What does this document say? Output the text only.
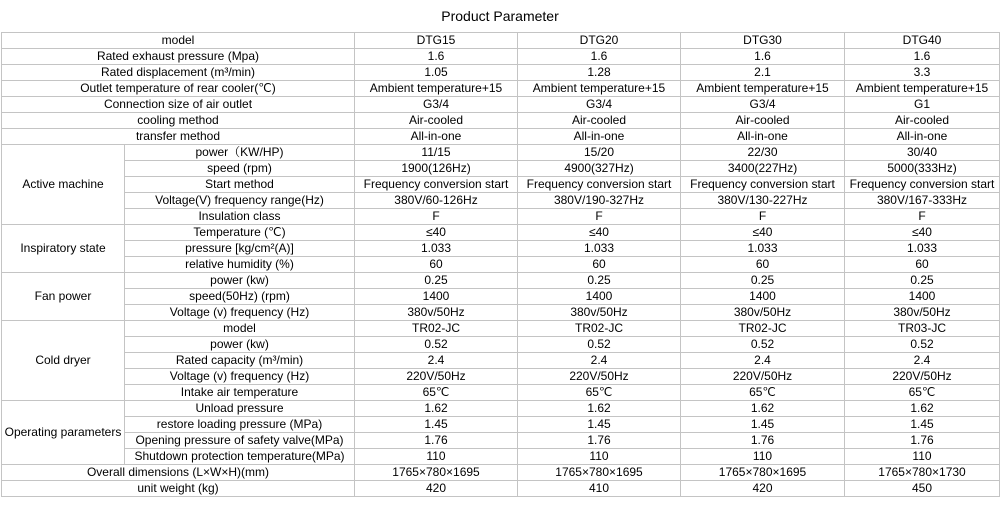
Product Parameter
model		DTG15	DTG20	DTG30	DTG40
Rated exhaust pressure (Mpa)		1.6	1.6	1.6	1.6
Rated displacement (m³/min)		1.05	1.28	2.1	3.3
Outlet temperature of rear cooler(℃)		Ambient temperature+15	Ambient temperature+15	Ambient temperature+15	Ambient temperature+15
Connection size of air outlet		G3/4	G3/4	G3/4	G1
cooling method		Air-cooled	Air-cooled	Air-cooled	Air-cooled
transfer method		All-in-one	All-in-one	All-in-one	All-in-one
Active machine	power（KW/HP)	11/15	15/20	22/30	30/40
	speed (rpm)	1900(126Hz)	4900(327Hz)	3400(227Hz)	5000(333Hz)
	Start method	Frequency conversion start	Frequency conversion start	Frequency conversion start	Frequency conversion start
	Voltage(V) frequency range(Hz)	380V/60-126Hz	380V/190-327Hz	380V/130-227Hz	380V/167-333Hz
	Insulation class	F	F	F	F
Inspiratory state	Temperature (℃)	≤40	≤40	≤40	≤40
	pressure [kg/cm²(A)]	1.033	1.033	1.033	1.033
	relative humidity (%)	60	60	60	60
Fan power	power (kw)	0.25	0.25	0.25	0.25
	speed(50Hz) (rpm)	1400	1400	1400	1400
	Voltage (v) frequency (Hz)	380v/50Hz	380v/50Hz	380v/50Hz	380v/50Hz
Cold dryer	model	TR02-JC	TR02-JC	TR02-JC	TR03-JC
	power (kw)	0.52	0.52	0.52	0.52
	Rated capacity (m³/min)	2.4	2.4	2.4	2.4
	Voltage (v) frequency (Hz)	220V/50Hz	220V/50Hz	220V/50Hz	220V/50Hz
	Intake air temperature	65℃	65℃	65℃	65℃
Operating parameters	Unload pressure	1.62	1.62	1.62	1.62
	restore loading pressure (MPa)	1.45	1.45	1.45	1.45
	Opening pressure of safety valve(MPa)	1.76	1.76	1.76	1.76
	Shutdown protection temperature(MPa)	110	110	110	110
Overall dimensions (L×W×H)(mm)		1765×780×1695	1765×780×1695	1765×780×1695	1765×780×1730
unit weight (kg)		420	410	420	450
